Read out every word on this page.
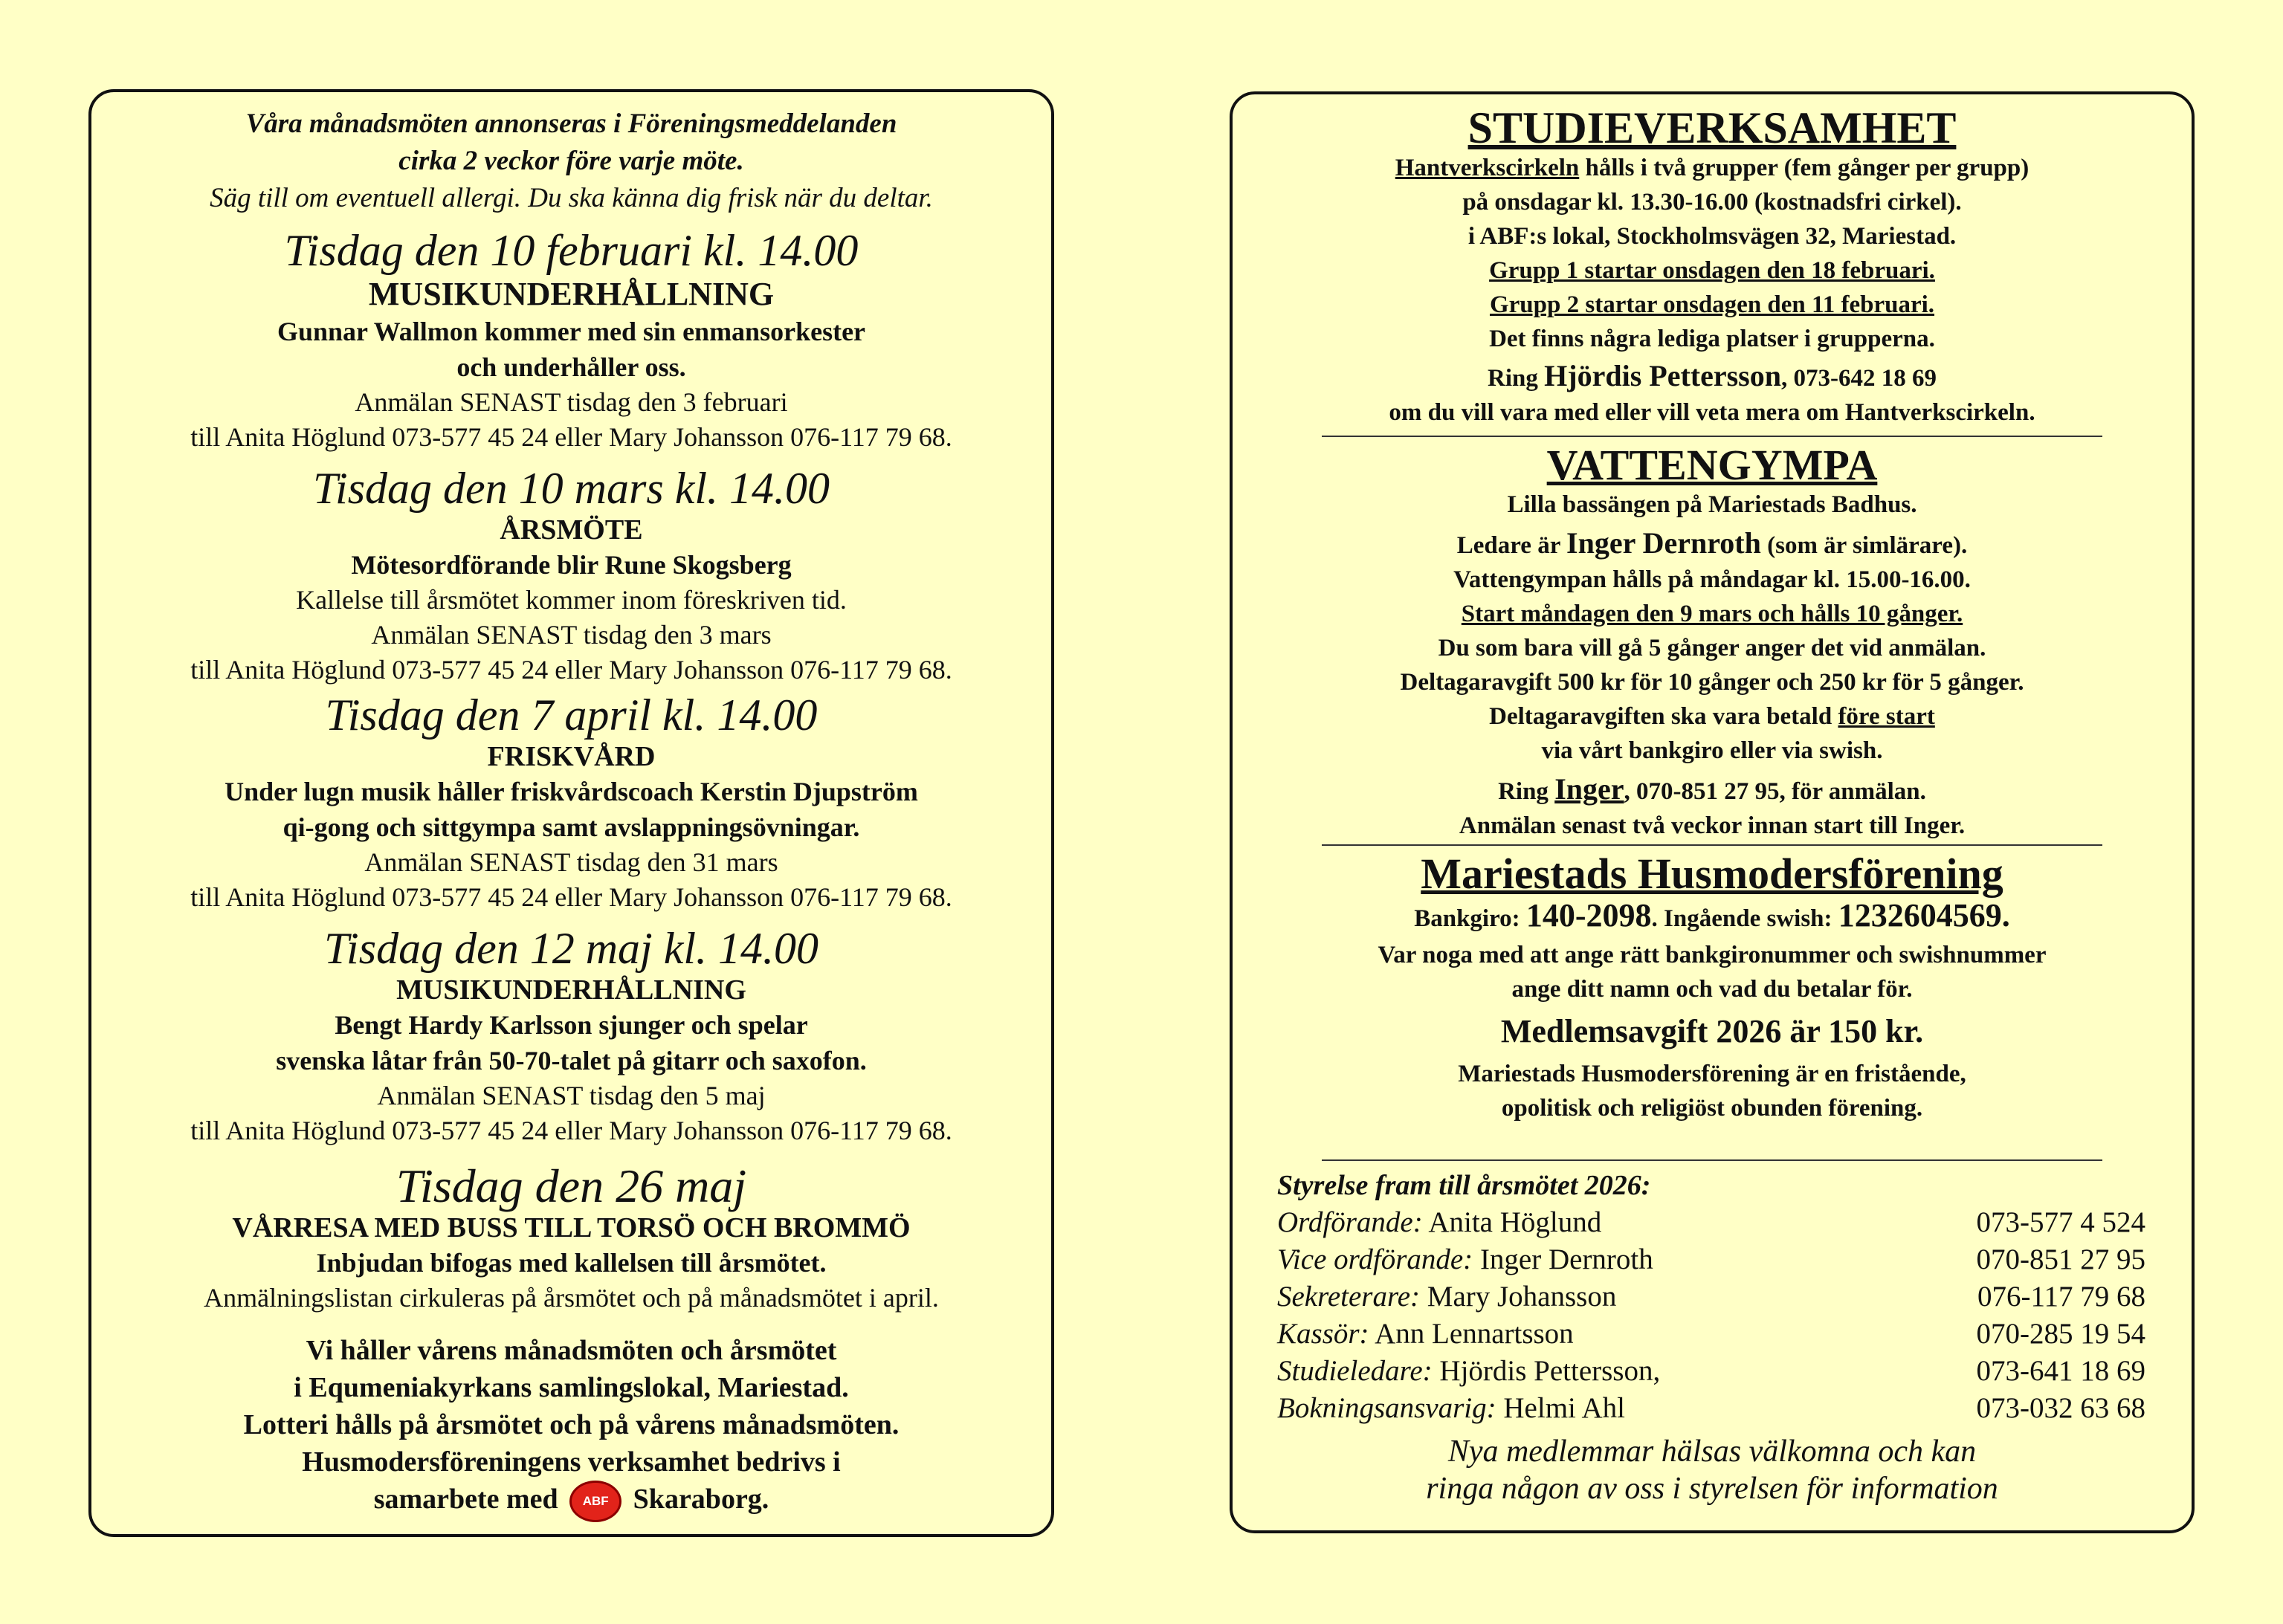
Våra månadsmöten annonseras i Föreningsmeddelanden

cirka 2 veckor före varje möte.

Säg till om eventuell allergi. Du ska känna dig frisk när du deltar.

Tisdag den 10 februari kl. 14.00

MUSIKUNDERHÅLLNING

Gunnar Wallmon kommer med sin enmansorkester

och underhåller oss.

Anmälan SENAST tisdag den 3 februari

till Anita Höglund 073-577 45 24 eller Mary Johansson 076-117 79 68.

Tisdag den 10 mars kl. 14.00

ÅRSMÖTE

Mötesordförande blir Rune Skogsberg

Kallelse till årsmötet kommer inom föreskriven tid.

Anmälan SENAST tisdag den 3 mars

till Anita Höglund 073-577 45 24 eller Mary Johansson 076-117 79 68.

Tisdag den 7 april kl. 14.00

FRISKVÅRD

Under lugn musik håller friskvårdscoach Kerstin Djupström

qi-gong och sittgympa samt avslappningsövningar.

Anmälan SENAST tisdag den 31 mars

till Anita Höglund 073-577 45 24 eller Mary Johansson 076-117 79 68.

Tisdag den 12 maj kl. 14.00

MUSIKUNDERHÅLLNING

Bengt Hardy Karlsson sjunger och spelar

svenska låtar från 50-70-talet på gitarr och saxofon.

Anmälan SENAST tisdag den 5 maj

till Anita Höglund 073-577 45 24 eller Mary Johansson 076-117 79 68.

Tisdag den 26 maj

VÅRRESA MED BUSS TILL TORSÖ OCH BROMMÖ

Inbjudan bifogas med kallelsen till årsmötet.

Anmälningslistan cirkuleras på årsmötet och på månadsmötet i april.

Vi håller vårens månadsmöten och årsmötet

i Equmeniakyrkans samlingslokal, Mariestad.

Lotteri hålls på årsmötet och på vårens månadsmöten.

Husmodersföreningens verksamhet bedrivs i

samarbete med ABF Skaraborg.

STUDIEVERKSAMHET

Hantverkscirkeln hålls i två grupper (fem gånger per grupp)

på onsdagar kl. 13.30-16.00 (kostnadsfri cirkel).

i ABF:s lokal, Stockholmsvägen 32, Mariestad.

Grupp 1 startar onsdagen den 18 februari.

Grupp 2 startar onsdagen den 11 februari.

Det finns några lediga platser i grupperna.

Ring Hjördis Pettersson, 073-642 18 69

om du vill vara med eller vill veta mera om Hantverkscirkeln.

VATTENGYMPA

Lilla bassängen på Mariestads Badhus.

Ledare är Inger Dernroth (som är simlärare).

Vattengympan hålls på måndagar kl. 15.00-16.00.

Start måndagen den 9 mars och hålls 10 gånger.

Du som bara vill gå 5 gånger anger det vid anmälan.

Deltagaravgift 500 kr för 10 gånger och 250 kr för 5 gånger.

Deltagaravgiften ska vara betald före start

via vårt bankgiro eller via swish.

Ring Inger, 070-851 27 95, för anmälan.

Anmälan senast två veckor innan start till Inger.

Mariestads Husmodersförening

Bankgiro: 140-2098. Ingående swish: 1232604569.

Var noga med att ange rätt bankgironummer och swishnummer

ange ditt namn och vad du betalar för.

Medlemsavgift 2026 är 150 kr.

Mariestads Husmodersförening är en fristående,

opolitisk och religiöst obunden förening.

Styrelse fram till årsmötet 2026:
Ordförande: Anita Höglund	073-577 4 524
Vice ordförande: Inger Dernroth	070-851 27 95
Sekreterare: Mary Johansson	076-117 79 68
Kassör: Ann Lennartsson	070-285 19 54
Studieledare: Hjördis Pettersson,	073-641 18 69
Bokningsansvarig: Helmi Ahl	073-032 63 68

Nya medlemmar hälsas välkomna och kan

ringa någon av oss i styrelsen för information
